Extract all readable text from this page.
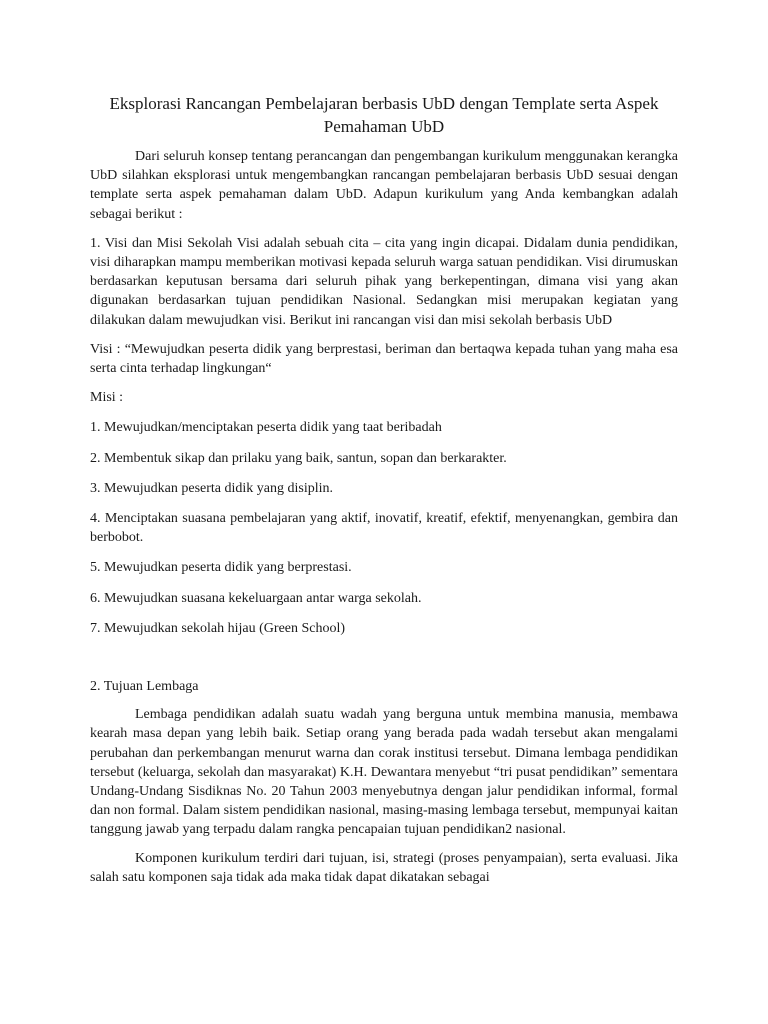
Eksplorasi Rancangan Pembelajaran berbasis UbD dengan Template serta Aspek Pemahaman UbD

Dari seluruh konsep tentang perancangan dan pengembangan kurikulum menggunakan kerangka UbD silahkan eksplorasi untuk mengembangkan rancangan pembelajaran berbasis UbD sesuai dengan template serta aspek pemahaman dalam UbD. Adapun kurikulum yang Anda kembangkan adalah sebagai berikut :

1. Visi dan Misi Sekolah Visi adalah sebuah cita – cita yang ingin dicapai. Didalam dunia pendidikan, visi diharapkan mampu memberikan motivasi kepada seluruh warga satuan pendidikan. Visi dirumuskan berdasarkan keputusan bersama dari seluruh pihak yang berkepentingan, dimana visi yang akan digunakan berdasarkan tujuan pendidikan Nasional. Sedangkan misi merupakan kegiatan yang dilakukan dalam mewujudkan visi. Berikut ini rancangan visi dan misi sekolah berbasis UbD

Visi : “Mewujudkan peserta didik yang berprestasi, beriman dan bertaqwa kepada tuhan yang maha esa serta cinta terhadap lingkungan“

Misi :

1. Mewujudkan/menciptakan peserta didik yang taat beribadah

2. Membentuk sikap dan prilaku yang baik, santun, sopan dan berkarakter.

3. Mewujudkan peserta didik yang disiplin.

4. Menciptakan suasana pembelajaran yang aktif, inovatif, kreatif, efektif, menyenangkan, gembira dan berbobot.

5. Mewujudkan peserta didik yang berprestasi.

6. Mewujudkan suasana kekeluargaan antar warga sekolah.

7. Mewujudkan sekolah hijau (Green School)

2. Tujuan Lembaga

Lembaga pendidikan adalah suatu wadah yang berguna untuk membina manusia, membawa kearah masa depan yang lebih baik. Setiap orang yang berada pada wadah tersebut akan mengalami perubahan dan perkembangan menurut warna dan corak institusi tersebut. Dimana lembaga pendidikan tersebut (keluarga, sekolah dan masyarakat) K.H. Dewantara menyebut “tri pusat pendidikan” sementara Undang-Undang Sisdiknas No. 20 Tahun 2003 menyebutnya dengan jalur pendidikan informal, formal dan non formal. Dalam sistem pendidikan nasional, masing-masing lembaga tersebut, mempunyai kaitan tanggung jawab yang terpadu dalam rangka pencapaian tujuan pendidikan2 nasional.

Komponen kurikulum terdiri dari tujuan, isi, strategi (proses penyampaian), serta evaluasi. Jika salah satu komponen saja tidak ada maka tidak dapat dikatakan sebagai
